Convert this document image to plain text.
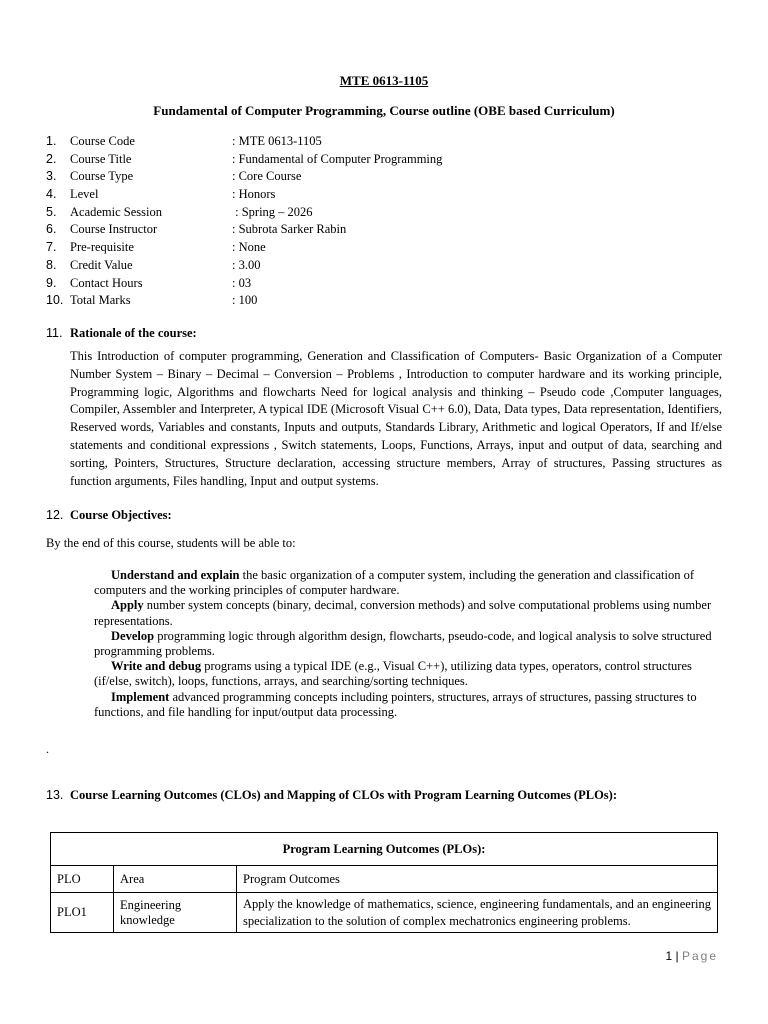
MTE 0613-1105
Fundamental of Computer Programming, Course outline (OBE based Curriculum)
1.	Course Code	: MTE 0613-1105
2.	Course Title	: Fundamental of Computer Programming
3.	Course Type	: Core Course
4.	Level	: Honors
5.	Academic Session	: Spring – 2026
6.	Course Instructor	: Subrota Sarker Rabin
7.	Pre-requisite	: None
8.	Credit Value	: 3.00
9.	Contact Hours	: 03
10. Total Marks	: 100
11. Rationale of the course:
This Introduction of computer programming, Generation and Classification of Computers- Basic Organization of a Computer Number System – Binary – Decimal – Conversion – Problems , Introduction to computer hardware and its working principle, Programming logic, Algorithms and flowcharts Need for logical analysis and thinking – Pseudo code ,Computer languages, Compiler, Assembler and Interpreter, A typical IDE (Microsoft Visual C++ 6.0), Data, Data types, Data representation, Identifiers, Reserved words, Variables and constants, Inputs and outputs, Standards Library, Arithmetic and logical Operators, If and If/else statements and conditional expressions , Switch statements, Loops, Functions, Arrays, input and output of data, searching and sorting, Pointers, Structures, Structure declaration, accessing structure members, Array of structures, Passing structures as function arguments, Files handling, Input and output systems.
12. Course Objectives:
By the end of this course, students will be able to:

Understand and explain the basic organization of a computer system, including the generation and classification of computers and the working principles of computer hardware.

Apply number system concepts (binary, decimal, conversion methods) and solve computational problems using number representations.

Develop programming logic through algorithm design, flowcharts, pseudo-code, and logical analysis to solve structured programming problems.

Write and debug programs using a typical IDE (e.g., Visual C++), utilizing data types, operators, control structures (if/else, switch), loops, functions, arrays, and searching/sorting techniques.

Implement advanced programming concepts including pointers, structures, arrays of structures, passing structures to functions, and file handling for input/output data processing.

.
13. Course Learning Outcomes (CLOs) and Mapping of CLOs with Program Learning Outcomes (PLOs):
Program Learning Outcomes (PLOs):		
PLO	Area	Program Outcomes
PLO1	Engineering knowledge	Apply the knowledge of mathematics, science, engineering fundamentals, and an engineering specialization to the solution of complex mechatronics engineering problems.
1 | Page
